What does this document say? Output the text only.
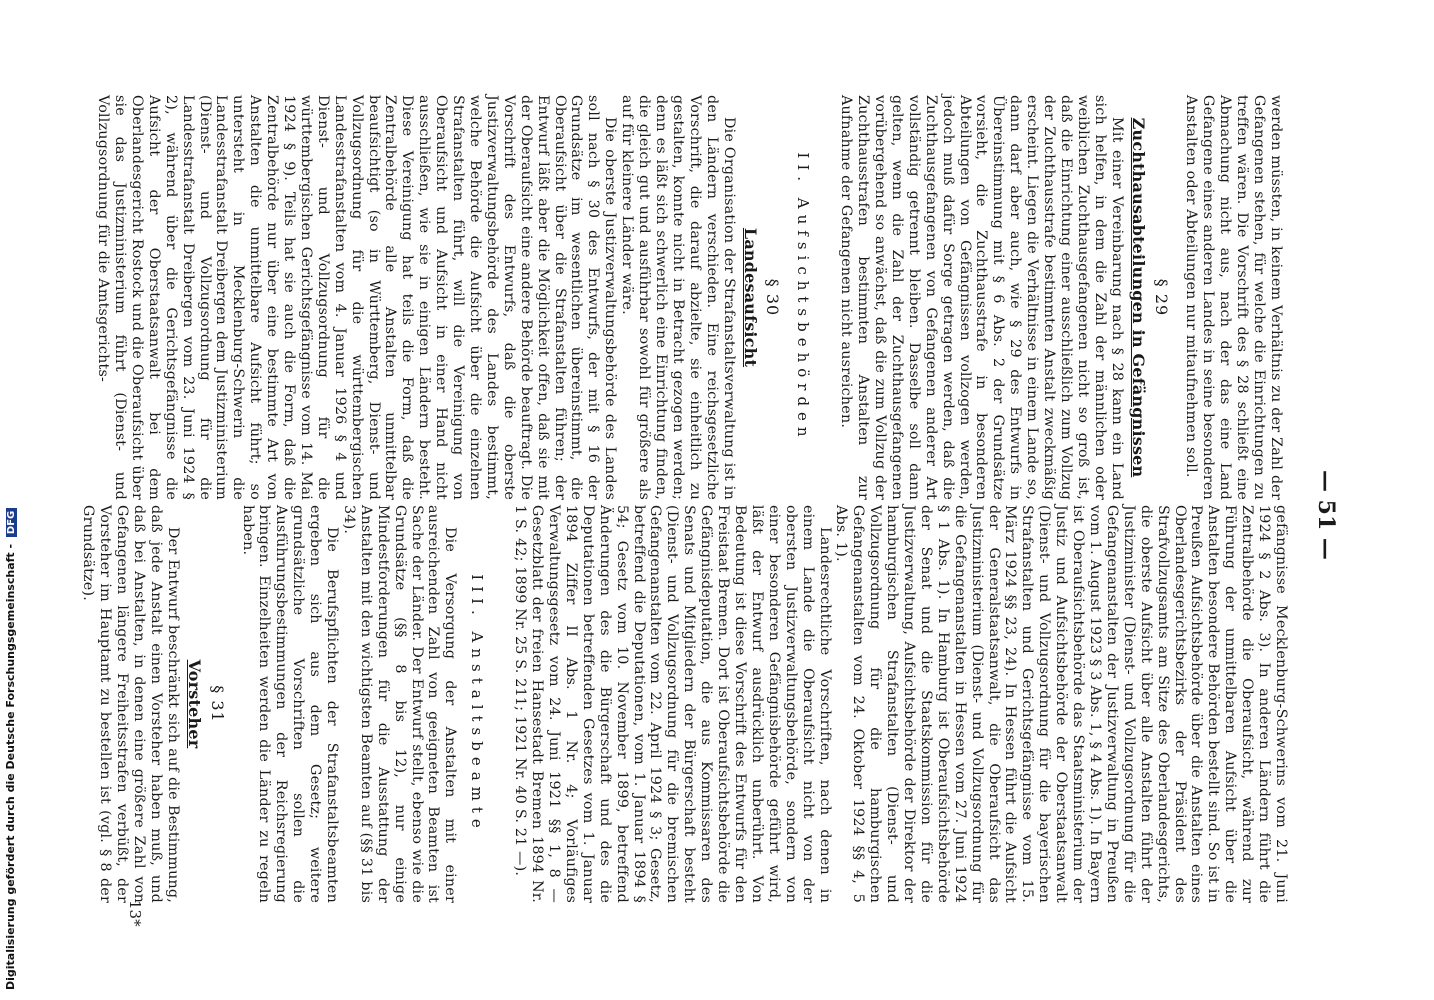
— 51 —

werden müssten, in keinem Verhältnis zu der Zahl der Gefangenen stehen, für welche die Einrichtungen zu treffen wären. Die Vorschrift des § 28 schließt eine Abmachung nicht aus, nach der das eine Land Gefangene eines anderen Landes in seine besonderen Anstalten oder Abteilungen nur mitaufnehmen soll.

§ 29
Zuchthausabteilungen in Gefängnissen

Mit einer Vereinbarung nach § 28 kann ein Land sich helfen, in dem die Zahl der männlichen oder weiblichen Zuchthausgefangenen nicht so groß ist, daß die Einrichtung einer ausschließlich zum Vollzug der Zuchthausstrafe bestimmten Anstalt zweckmäßig erscheint. Liegen die Verhältnisse in einem Lande so, dann darf aber auch, wie § 29 des Entwurfs in Übereinstimmung mit § 6 Abs. 2 der Grundsätze vorsieht, die Zuchthausstrafe in besonderen Abteilungen von Gefängnissen vollzogen werden, jedoch muß dafür Sorge getragen werden, daß die Zuchthausgefangenen von Gefangenen anderer Art vollständig getrennt bleiben. Dasselbe soll dann gelten, wenn die Zahl der Zuchthausgefangenen vorübergehend so anwächst, daß die zum Vollzug der Zuchthausstrafen bestimmten Anstalten zur Aufnahme der Gefangenen nicht ausreichen.

II. Aufsichtsbehörden
§ 30
Landesaufsicht

Die Organisation der Strafanstaltsverwaltung ist in den Ländern verschieden. Eine reichsgesetzliche Vorschrift, die darauf abzielte, sie einheitlich zu gestalten, konnte nicht in Betracht gezogen werden; denn es läßt sich schwerlich eine Einrichtung finden, die gleich gut und ausführbar sowohl für größere als auf für kleinere Länder wäre.

Die oberste Justizverwaltungsbehörde des Landes soll nach § 30 des Entwurfs, der mit § 16 der Grundsätze im wesentlichen übereinstimmt, die Oberaufsicht über die Strafanstalten führen; der Entwurf läßt aber die Möglichkeit offen, daß sie mit der Oberaufsicht eine andere Behörde beauftragt. Die Vorschrift des Entwurfs, daß die oberste Justizverwaltungsbehörde des Landes bestimmt, welche Behörde die Aufsicht über die einzelnen Strafanstalten führt, will die Vereinigung von Oberaufsicht und Aufsicht in einer Hand nicht ausschließen, wie sie in einigen Ländern besteht. Diese Vereinigung hat teils die Form, daß die Zentralbehörde alle Anstalten unmittelbar beaufsichtigt (so in Württemberg, Dienst- und Vollzugsordnung für die württembergischen Landesstrafanstalten vom 4. Januar 1926 § 4 und Dienst- und Vollzugsordnung für die württembergischen Gerichtsgefängnisse vom 14. Mai 1924 § 9). Teils hat sie auch die Form, daß die Zentralbehörde nur über eine bestimmte Art von Anstalten die unmittelbare Aufsicht führt; so untersteht in Mecklenburg-Schwerin die Landesstrafanstalt Dreibergen dem Justizministerium (Dienst- und Vollzugsordnung für die Landesstrafanstalt Dreibergen vom 23. Juni 1924 § 2), während über die Gerichtsgefängnisse die Aufsicht der Oberstaatsanwalt bei dem Oberlandesgericht Rostock und die Oberaufsicht über sie das Justizministerium führt (Dienst- und Vollzugsordnung für die Amtsgerichts-

gefängnisse Mecklenburg-Schwerins vom 21. Juni 1924 § 2 Abs. 3). In anderen Ländern führt die Zentralbehörde die Oberaufsicht, während zur Führung der unmittelbaren Aufsicht über die Anstalten besondere Behörden bestellt sind. So ist in Preußen Aufsichtsbehörde über die Anstalten eines Oberlandesgerichtsbezirks der Präsident des Strafvollzugsamts am Sitze des Oberlandesgerichts, die oberste Aufsicht über alle Anstalten führt der Justizminister (Dienst- und Vollzugsordnung für die Gefangenanstalten der Justizverwaltung in Preußen vom 1. August 1923 § 3 Abs. 1, § 4 Abs. 1). In Bayern ist Oberaufsichtsbehörde das Staatsministerium der Justiz und Aufsichtsbehörde der Oberstaatsanwalt (Dienst- und Vollzugsordnung für die bayerischen Strafanstalten und Gerichtsgefängnisse vom 15. März 1924 §§ 23, 24). In Hessen führt die Aufsicht der Generalstaatsanwalt, die Oberaufsicht das Justizministerium (Dienst- und Vollzugsordnung für die Gefangenanstalten in Hessen vom 27. Juni 1924 § 1 Abs. 1). In Hamburg ist Oberaufsichtsbehörde der Senat und die Staatskommission für die Justizverwaltung, Aufsichtsbehörde der Direktor der hamburgischen Strafanstalten (Dienst- und Vollzugsordnung für die hamburgischen Gefangenanstalten vom 24. Oktober 1924 §§ 4, 5 Abs. 1).

Landesrechtliche Vorschriften, nach denen in einem Lande die Oberaufsicht nicht von der obersten Justizverwaltungsbehörde, sondern von einer besonderen Gefängnisbehörde geführt wird, läßt der Entwurf ausdrücklich unberührt. Von Bedeutung ist diese Vorschrift des Entwurfs für den Freistaat Bremen. Dort ist Oberaufsichtsbehörde die Gefängnisdeputation, die aus Kommissaren des Senats und Mitgliedern der Bürgerschaft besteht (Dienst- und Vollzugsordnung für die bremischen Gefangenanstalten vom 22. April 1924 § 3; Gesetz, betreffend die Deputationen, vom 1. Januar 1894 § 54; Gesetz vom 10. November 1899, betreffend Änderungen des die Bürgerschaft und des die Deputationen betreffenden Gesetzes vom 1. Januar 1894 Ziffer II Abs. 1 Nr. 4; Vorläufiges Verwaltungsgesetz vom 24. Juni 1921 §§ 1, 8 — Gesetzblatt der freien Hansestadt Bremen 1894 Nr. 1 S. 42; 1899 Nr. 25 S. 211; 1921 Nr. 40 S. 21 —).

III. Anstaltsbeamte

Die Versorgung der Anstalten mit einer ausreichenden Zahl von geeigneten Beamten ist Sache der Länder. Der Entwurf stellt, ebenso wie die Grundsätze (§§ 8 bis 12), nur einige Mindestforderungen für die Ausstattung der Anstalten mit den wichtigsten Beamten auf (§§ 31 bis 34).

Die Berufspflichten der Strafanstaltsbeamten ergeben sich aus dem Gesetz; weitere grundsätzliche Vorschriften sollen die Ausführungsbestimmungen der Reichsregierung bringen. Einzelheiten werden die Länder zu regeln haben.

§ 31
Vorsteher

Der Entwurf beschränkt sich auf die Bestimmung, daß jede Anstalt einen Vorsteher haben muß, und daß bei Anstalten, in denen eine größere Zahl von Gefangenen längere Freiheitsstrafen verbüßt, der Vorsteher im Hauptamt zu bestellen ist (vgl. § 8 der Grundsätze).

13*
Digitalisierung gefördert durch die Deutsche Forschungsgemeinschaft - DFG
